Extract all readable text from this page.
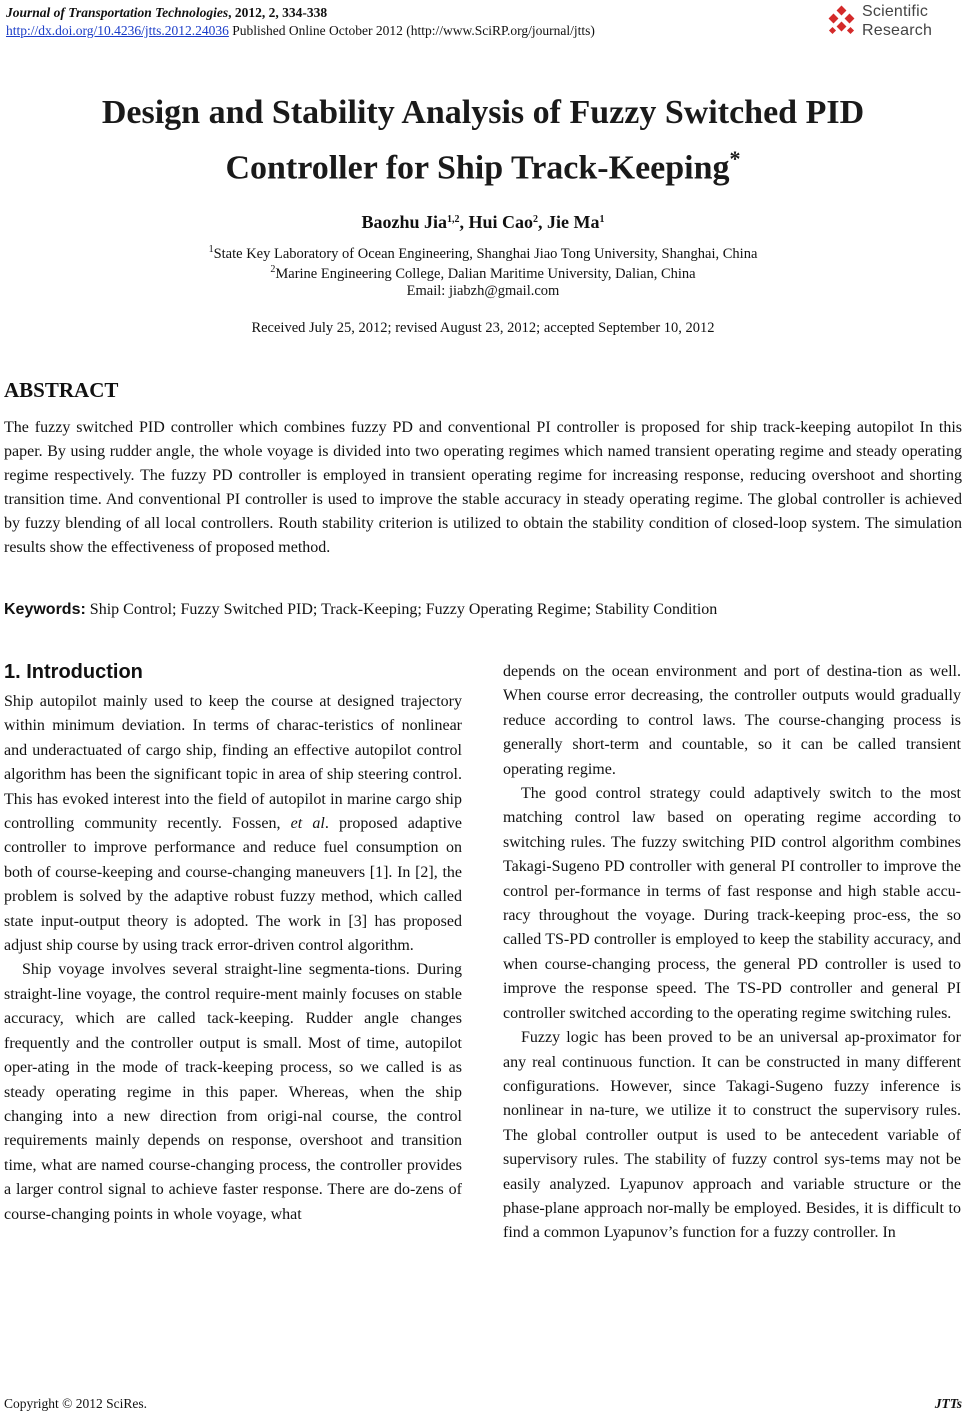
Journal of Transportation Technologies, 2012, 2, 334-338
http://dx.doi.org/10.4236/jtts.2012.24036 Published Online October 2012 (http://www.SciRP.org/journal/jtts)
Scientific
Research
Design and Stability Analysis of Fuzzy Switched PID
Controller for Ship Track-Keeping*
Baozhu Jia$^{1,2}$, Hui Cao$^2$, Jie Ma$^1$
$^1$State Key Laboratory of Ocean Engineering, Shanghai Jiao Tong University, Shanghai, China
$^2$Marine Engineering College, Dalian Maritime University, Dalian, China
Email: jiabzh@gmail.com
Received July 25, 2012; revised August 23, 2012; accepted September 10, 2012
ABSTRACT
The fuzzy switched PID controller which combines fuzzy PD and conventional PI controller is proposed for ship track-keeping autopilot In this paper. By using rudder angle, the whole voyage is divided into two operating regimes which named transient operating regime and steady operating regime respectively. The fuzzy PD controller is employed in transient operating regime for increasing response, reducing overshoot and shorting transition time. And conventional PI controller is used to improve the stable accuracy in steady operating regime. The global controller is achieved by fuzzy blending of all local controllers. Routh stability criterion is utilized to obtain the stability condition of closed-loop system. The simulation results show the effectiveness of proposed method.
Keywords: Ship Control; Fuzzy Switched PID; Track-Keeping; Fuzzy Operating Regime; Stability Condition
1. Introduction

Ship autopilot mainly used to keep the course at designed trajectory within minimum deviation. In terms of charac-teristics of nonlinear and underactuated of cargo ship, finding an effective autopilot control algorithm has been the significant topic in area of ship steering control. This has evoked interest into the field of autopilot in marine cargo ship controlling community recently. Fossen, et al. proposed adaptive controller to improve performance and reduce fuel consumption on both of course-keeping and course-changing maneuvers [1]. In [2], the problem is solved by the adaptive robust fuzzy method, which called state input-output theory is adopted. The work in [3] has proposed adjust ship course by using track error-driven control algorithm.

Ship voyage involves several straight-line segmenta-tions. During straight-line voyage, the control require-ment mainly focuses on stable accuracy, which are called tack-keeping. Rudder angle changes frequently and the controller output is small. Most of time, autopilot oper-ating in the mode of track-keeping process, so we called is as steady operating regime in this paper. Whereas, when the ship changing into a new direction from origi-nal course, the control requirements mainly depends on response, overshoot and transition time, what are named course-changing process, the controller provides a larger control signal to achieve faster response. There are do-zens of course-changing points in whole voyage, what

depends on the ocean environment and port of destina-tion as well. When course error decreasing, the controller outputs would gradually reduce according to control laws. The course-changing process is generally short-term and countable, so it can be called transient operating regime.

The good control strategy could adaptively switch to the most matching control law based on operating regime according to switching rules. The fuzzy switching PID control algorithm combines Takagi-Sugeno PD controller with general PI controller to improve the control per-formance in terms of fast response and high stable accu-racy throughout the voyage. During track-keeping proc-ess, the so called TS-PD controller is employed to keep the stability accuracy, and when course-changing process, the general PD controller is used to improve the response speed. The TS-PD controller and general PI controller switched according to the operating regime switching rules.

Fuzzy logic has been proved to be an universal ap-proximator for any real continuous function. It can be constructed in many different configurations. However, since Takagi-Sugeno fuzzy inference is nonlinear in na-ture, we utilize it to construct the supervisory rules. The global controller output is used to be antecedent variable of supervisory rules. The stability of fuzzy control sys-tems may not be easily analyzed. Lyapunov approach and variable structure or the phase-plane approach nor-mally be employed. Besides, it is difficult to find a common Lyapunov’s function for a fuzzy controller. In

Copyright © 2012 SciRes.	JTTs
